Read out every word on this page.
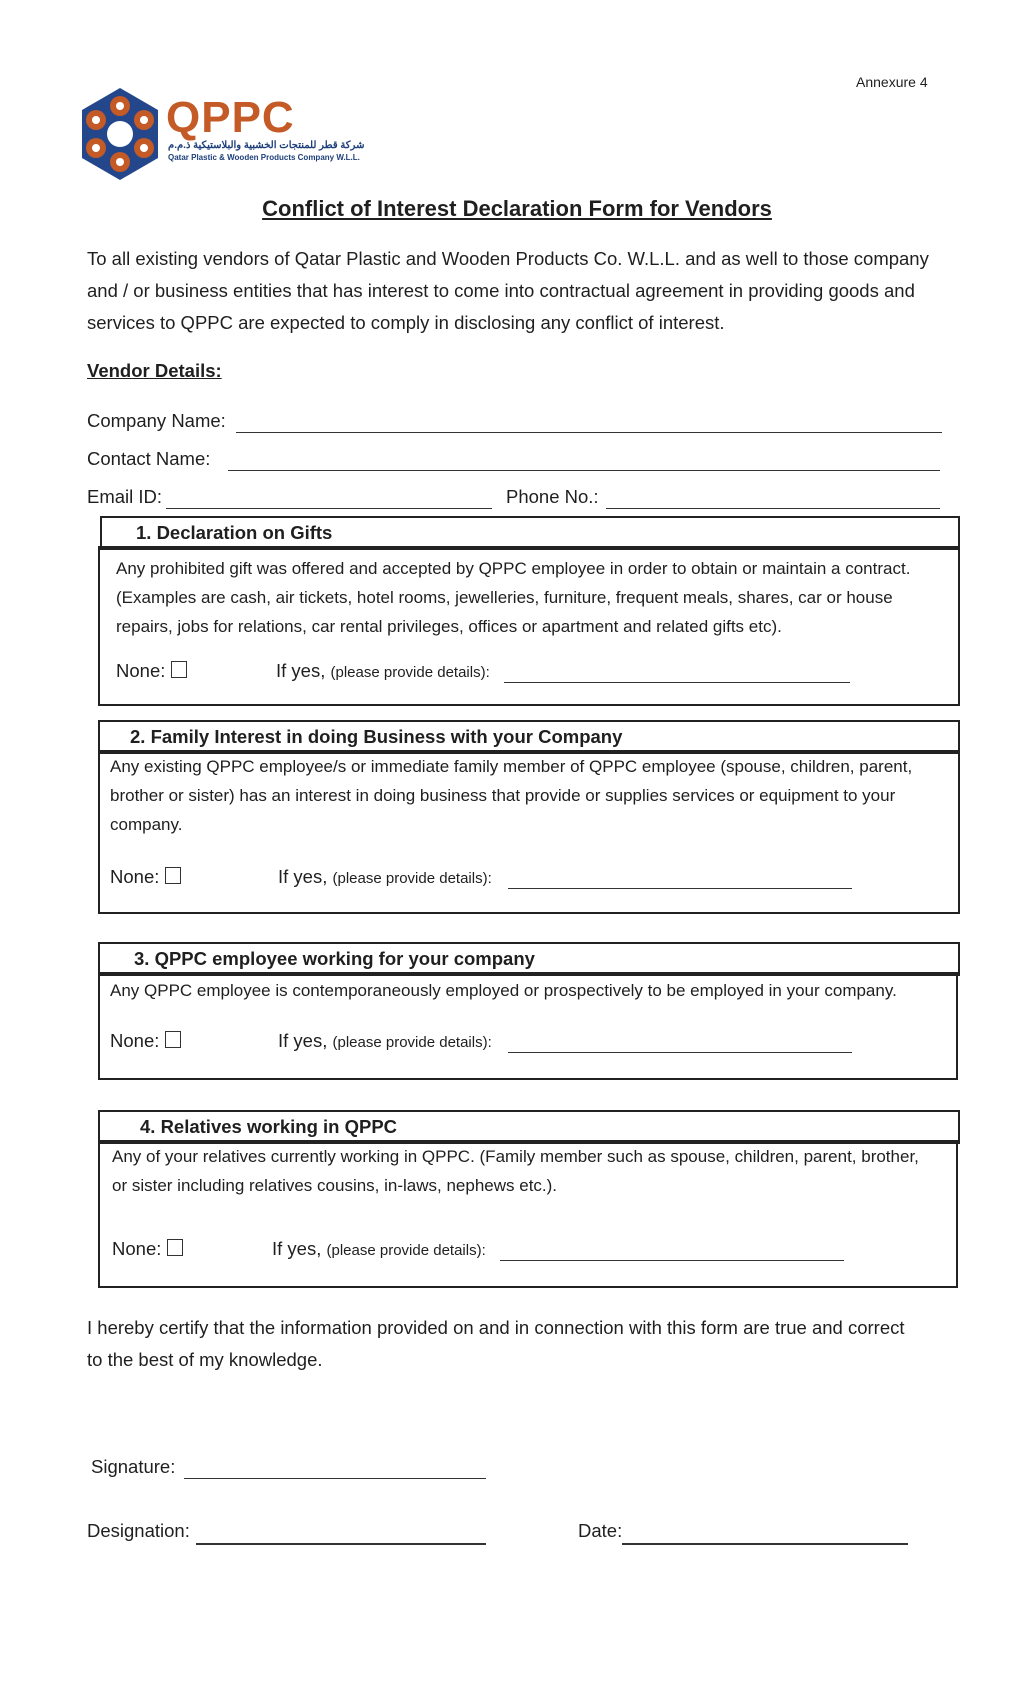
Annexure 4
QPPC
شركة قطر للمنتجات الخشبية والبلاستيكية ذ.م.م
Qatar Plastic & Wooden Products Company W.L.L.
Conflict of Interest Declaration Form for Vendors
To all existing vendors of Qatar Plastic and Wooden Products Co. W.L.L. and as well to those company
and / or business entities that has interest to come into contractual agreement in providing goods and
services to QPPC are expected to comply in disclosing any conflict of interest.
Vendor Details:
Company Name:
Contact Name:
Email ID:	Phone No.:
1. Declaration on Gifts
Any prohibited gift was offered and accepted by QPPC employee in order to obtain or maintain a contract.
(Examples are cash, air tickets, hotel rooms, jewelleries, furniture, frequent meals, shares, car or house
repairs, jobs for relations, car rental privileges, offices or apartment and related gifts etc).
None:	If yes, (please provide details):
2. Family Interest in doing Business with your Company
Any existing QPPC employee/s or immediate family member of QPPC employee (spouse, children, parent,
brother or sister) has an interest in doing business that provide or supplies services or equipment to your
company.
None:	If yes, (please provide details):
3. QPPC employee working for your company
Any QPPC employee is contemporaneously employed or prospectively to be employed in your company.
None:	If yes, (please provide details):
4. Relatives working in QPPC
Any of your relatives currently working in QPPC. (Family member such as spouse, children, parent, brother,
or sister including relatives cousins, in-laws, nephews etc.).
None:	If yes, (please provide details):
I hereby certify that the information provided on and in connection with this form are true and correct
to the best of my knowledge.
Signature:
Designation:	Date:
